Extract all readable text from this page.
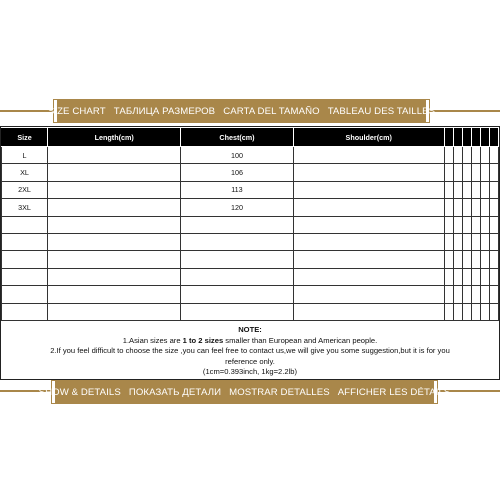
SIZE CHART ТАБЛИЦА РАЗМЕРОВ CARTA DEL TAMAÑO TABLEAU DES TAILLES
Size	Length(cm)	Chest(cm)	Shoulder(cm)						
L		100							
XL		106							
2XL		113							
3XL		120							

NOTE:
1.Asian sizes are 1 to 2 sizes smaller than European and American people.
2.If you feel difficult to choose the size ,you can feel free to contact us,we will give you some suggestion,but it is for you
reference only.
(1cm=0.393inch, 1kg=2.2lb)
SHOW & DETAILS ПОКАЗАТЬ ДЕТАЛИ MOSTRAR DETALLES AFFICHER LES DÉTAILS
